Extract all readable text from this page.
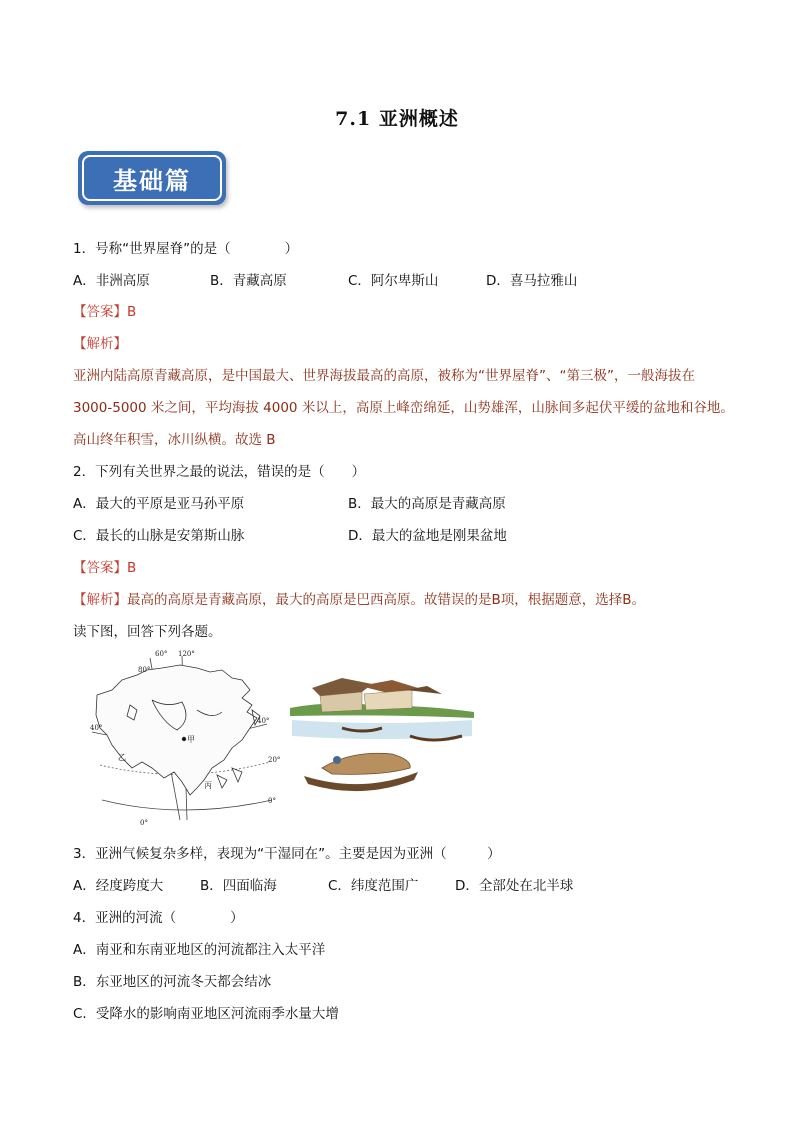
7.1 亚洲概述
基础篇
1．号称“世界屋脊”的是（　　　　）
A．非洲高原	B．青藏高原	C．阿尔卑斯山	D．喜马拉雅山
【答案】B
【解析】
亚洲内陆高原青藏高原，是中国最大、世界海拔最高的高原，被称为“世界屋脊”、“第三极”，一般海拔在
3000-5000 米之间，平均海拔 4000 米以上，高原上峰峦绵延，山势雄浑，山脉间多起伏平缓的盆地和谷地。
高山终年积雪，冰川纵横。故选 B
2．下列有关世界之最的说法，错误的是（　　）
A．最大的平原是亚马孙平原	B．最大的高原是青藏高原
C．最长的山脉是安第斯山脉	D．最大的盆地是刚果盆地
【答案】B
【解析】最高的高原是青藏高原，最大的高原是巴西高原。故错误的是B项，根据题意，选择B。
读下图，回答下列各题。
60° 120°
80°
40°
40°
20°
0°
0°
甲
乙
丙
3．亚洲气候复杂多样，表现为“干湿同在”。主要是因为亚洲（　　　）
A．经度跨度大	B．四面临海	C．纬度范围广	D．全部处在北半球
4．亚洲的河流（　　　　）
A．南亚和东南亚地区的河流都注入太平洋
B．东亚地区的河流冬天都会结冰
C．受降水的影响南亚地区河流雨季水量大增
